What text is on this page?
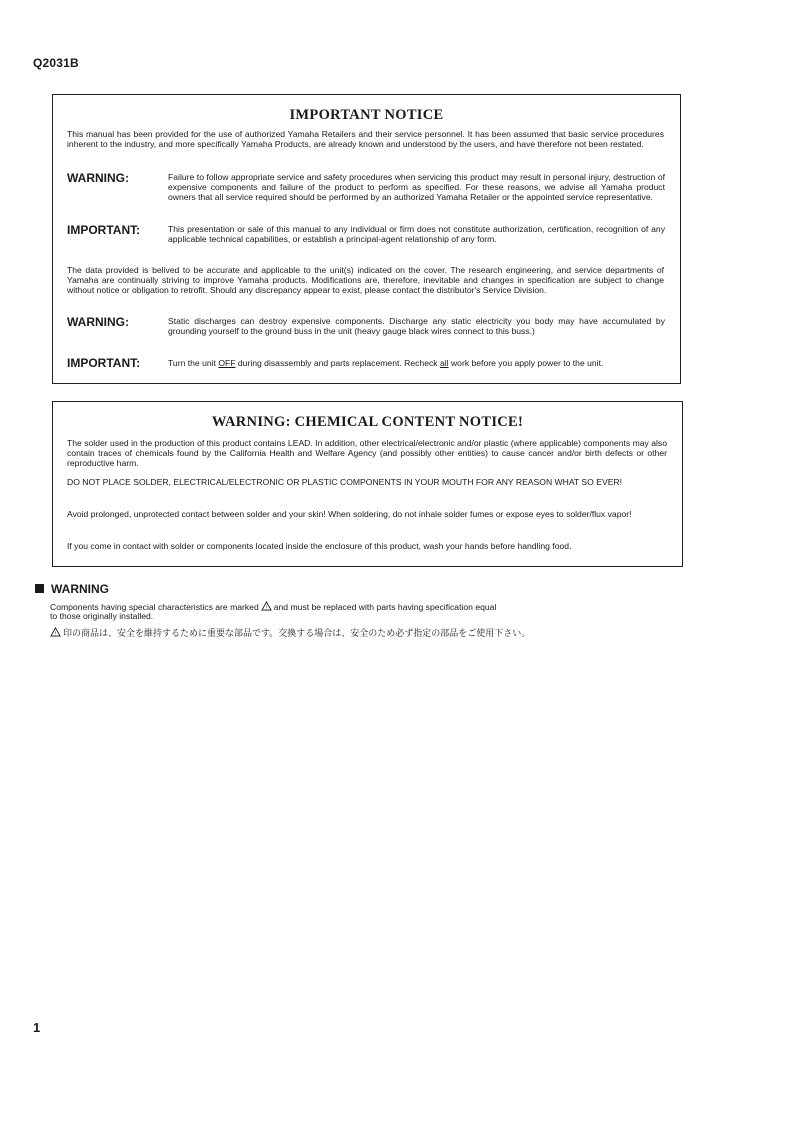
Q2031B
IMPORTANT NOTICE
This manual has been provided for the use of authorized Yamaha Retailers and their service personnel. It has been assumed that basic service procedures inherent to the industry, and more specifically Yamaha Products, are already known and understood by the users, and have therefore not been restated.
WARNING:	Failure to follow appropriate service and safety procedures when servicing this product may result in personal injury, destruction of expensive components and failure of the product to perform as specified. For these reasons, we advise all Yamaha product owners that all service required should be performed by an authorized Yamaha Retailer or the appointed service representative.
IMPORTANT:	This presentation or sale of this manual to any individual or firm does not constitute authorization, certification, recognition of any applicable technical capabilities, or establish a principal-agent relationship of any form.
The data provided is belived to be accurate and applicable to the unit(s) indicated on the cover. The research engineering, and service departments of Yamaha are continually striving to improve Yamaha products. Modifications are, therefore, inevitable and changes in specification are subject to change without notice or obligation to retrofit. Should any discrepancy appear to exist, please contact the distributor's Service Division.
WARNING:	Static discharges can destroy expensive components. Discharge any static electricity you body may have accumulated by grounding yourself to the ground buss in the unit (heavy gauge black wires connect to this buss.)
IMPORTANT:	Turn the unit OFF during disassembly and parts replacement. Recheck all work before you apply power to the unit.
WARNING: CHEMICAL CONTENT NOTICE!
The solder used in the production of this product contains LEAD. In addition, other electrical/electronic and/or plastic (where applicable) components may also contain traces of chemicals found by the California Health and Welfare Agency (and possibly other entities) to cause cancer and/or birth defects or other reproductive harm.
DO NOT PLACE SOLDER, ELECTRICAL/ELECTRONIC OR PLASTIC COMPONENTS IN YOUR MOUTH FOR ANY REASON WHAT SO EVER!
Avoid prolonged, unprotected contact between solder and your skin! When soldering, do not inhale solder fumes or expose eyes to solder/flux vapor!
If you come in contact with solder or components located inside the enclosure of this product, wash your hands before handling food.
WARNING
Components having special characteristics are marked ! and must be replaced with parts having specification equal
to those originally installed.
! 印の商品は、安全を維持するために重要な部品です。交換する場合は、安全のため必ず指定の部品をご使用下さい。
1
